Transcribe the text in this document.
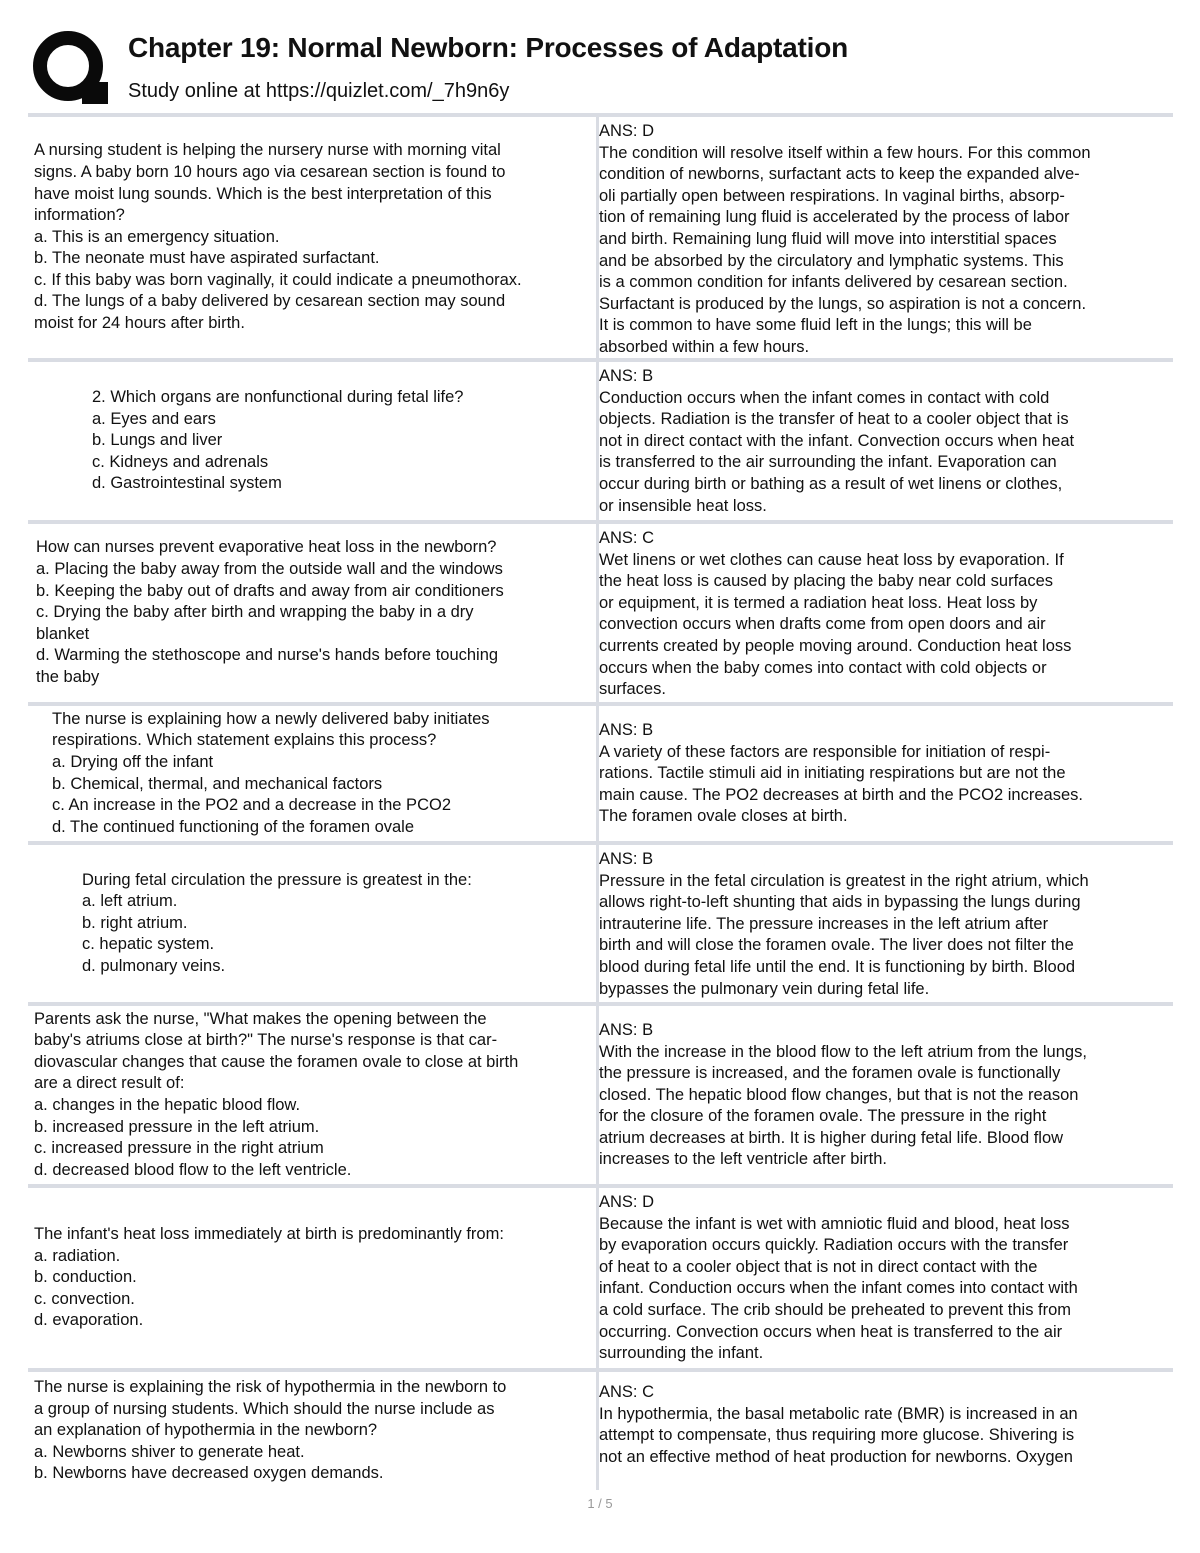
Chapter 19: Normal Newborn: Processes of Adaptation
Study online at https://quizlet.com/_7h9n6y
A nursing student is helping the nursery nurse with morning vital
signs. A baby born 10 hours ago via cesarean section is found to
have moist lung sounds. Which is the best interpretation of this
information?
a. This is an emergency situation.
b. The neonate must have aspirated surfactant.
c. If this baby was born vaginally, it could indicate a pneumothorax.
d. The lungs of a baby delivered by cesarean section may sound
moist for 24 hours after birth.
ANS: D
The condition will resolve itself within a few hours. For this common
condition of newborns, surfactant acts to keep the expanded alve-
oli partially open between respirations. In vaginal births, absorp-
tion of remaining lung fluid is accelerated by the process of labor
and birth. Remaining lung fluid will move into interstitial spaces
and be absorbed by the circulatory and lymphatic systems. This
is a common condition for infants delivered by cesarean section.
Surfactant is produced by the lungs, so aspiration is not a concern.
It is common to have some fluid left in the lungs; this will be
absorbed within a few hours.
2. Which organs are nonfunctional during fetal life?
a. Eyes and ears
b. Lungs and liver
c. Kidneys and adrenals
d. Gastrointestinal system
ANS: B
Conduction occurs when the infant comes in contact with cold
objects. Radiation is the transfer of heat to a cooler object that is
not in direct contact with the infant. Convection occurs when heat
is transferred to the air surrounding the infant. Evaporation can
occur during birth or bathing as a result of wet linens or clothes,
or insensible heat loss.
How can nurses prevent evaporative heat loss in the newborn?
a. Placing the baby away from the outside wall and the windows
b. Keeping the baby out of drafts and away from air conditioners
c. Drying the baby after birth and wrapping the baby in a dry
blanket
d. Warming the stethoscope and nurse's hands before touching
the baby
ANS: C
Wet linens or wet clothes can cause heat loss by evaporation. If
the heat loss is caused by placing the baby near cold surfaces
or equipment, it is termed a radiation heat loss. Heat loss by
convection occurs when drafts come from open doors and air
currents created by people moving around. Conduction heat loss
occurs when the baby comes into contact with cold objects or
surfaces.
The nurse is explaining how a newly delivered baby initiates
respirations. Which statement explains this process?
a. Drying off the infant
b. Chemical, thermal, and mechanical factors
c. An increase in the PO2 and a decrease in the PCO2
d. The continued functioning of the foramen ovale
ANS: B
A variety of these factors are responsible for initiation of respi-
rations. Tactile stimuli aid in initiating respirations but are not the
main cause. The PO2 decreases at birth and the PCO2 increases.
The foramen ovale closes at birth.
During fetal circulation the pressure is greatest in the:
a. left atrium.
b. right atrium.
c. hepatic system.
d. pulmonary veins.
ANS: B
Pressure in the fetal circulation is greatest in the right atrium, which
allows right-to-left shunting that aids in bypassing the lungs during
intrauterine life. The pressure increases in the left atrium after
birth and will close the foramen ovale. The liver does not filter the
blood during fetal life until the end. It is functioning by birth. Blood
bypasses the pulmonary vein during fetal life.
Parents ask the nurse, "What makes the opening between the
baby's atriums close at birth?" The nurse's response is that car-
diovascular changes that cause the foramen ovale to close at birth
are a direct result of:
a. changes in the hepatic blood flow.
b. increased pressure in the left atrium.
c. increased pressure in the right atrium
d. decreased blood flow to the left ventricle.
ANS: B
With the increase in the blood flow to the left atrium from the lungs,
the pressure is increased, and the foramen ovale is functionally
closed. The hepatic blood flow changes, but that is not the reason
for the closure of the foramen ovale. The pressure in the right
atrium decreases at birth. It is higher during fetal life. Blood flow
increases to the left ventricle after birth.
The infant's heat loss immediately at birth is predominantly from:
a. radiation.
b. conduction.
c. convection.
d. evaporation.
ANS: D
Because the infant is wet with amniotic fluid and blood, heat loss
by evaporation occurs quickly. Radiation occurs with the transfer
of heat to a cooler object that is not in direct contact with the
infant. Conduction occurs when the infant comes into contact with
a cold surface. The crib should be preheated to prevent this from
occurring. Convection occurs when heat is transferred to the air
surrounding the infant.
The nurse is explaining the risk of hypothermia in the newborn to
a group of nursing students. Which should the nurse include as
an explanation of hypothermia in the newborn?
a. Newborns shiver to generate heat.
b. Newborns have decreased oxygen demands.
ANS: C
In hypothermia, the basal metabolic rate (BMR) is increased in an
attempt to compensate, thus requiring more glucose. Shivering is
not an effective method of heat production for newborns. Oxygen
1 / 5
